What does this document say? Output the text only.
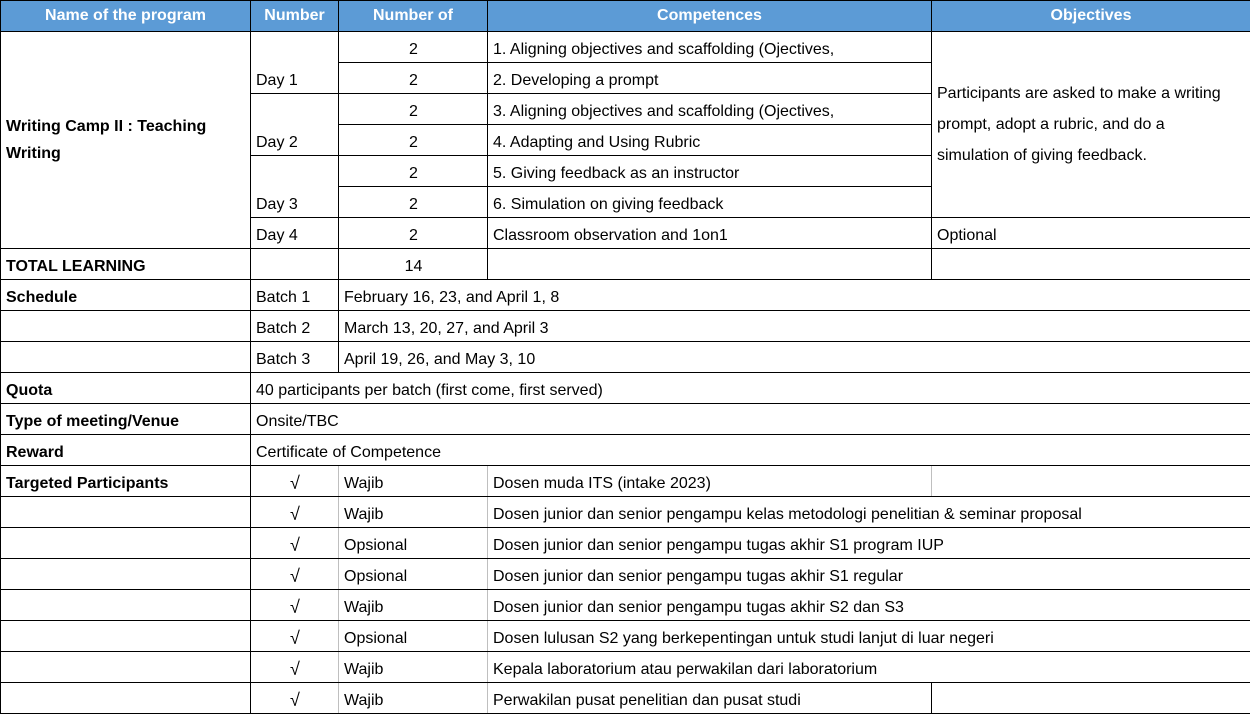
Name of the program	Number	Number of	Competences	Objectives
Writing Camp II : Teaching Writing	Day 1	2	1. Aligning objectives and scaffolding (Ojectives,	Participants are asked to make a writing prompt, adopt a rubric, and do a simulation of giving feedback.
		2	2. Developing a prompt	
	Day 2	2	3. Aligning objectives and scaffolding (Ojectives,	
		2	4. Adapting and Using Rubric	
	Day 3	2	5. Giving feedback as an instructor	
		2	6. Simulation on giving feedback	
	Day 4	2	Classroom observation and 1on1	Optional
TOTAL LEARNING		14		
Schedule	Batch 1	February 16, 23, and April 1, 8		
	Batch 2	March 13, 20, 27, and April 3		
	Batch 3	April 19, 26, and May 3, 10		
Quota	40 participants per batch (first come, first served)			
Type of meeting/Venue	Onsite/TBC			
Reward	Certificate of Competence			
Targeted Participants	√	Wajib	Dosen muda ITS (intake 2023)	
	√	Wajib	Dosen junior dan senior pengampu kelas metodologi penelitian & seminar proposal	
	√	Opsional	Dosen junior dan senior pengampu tugas akhir S1 program IUP	
	√	Opsional	Dosen junior dan senior pengampu tugas akhir S1 regular	
	√	Wajib	Dosen junior dan senior pengampu tugas akhir S2 dan S3	
	√	Opsional	Dosen lulusan S2 yang berkepentingan untuk studi lanjut di luar negeri	
	√	Wajib	Kepala laboratorium atau perwakilan dari laboratorium	
	√	Wajib	Perwakilan pusat penelitian dan pusat studi	
